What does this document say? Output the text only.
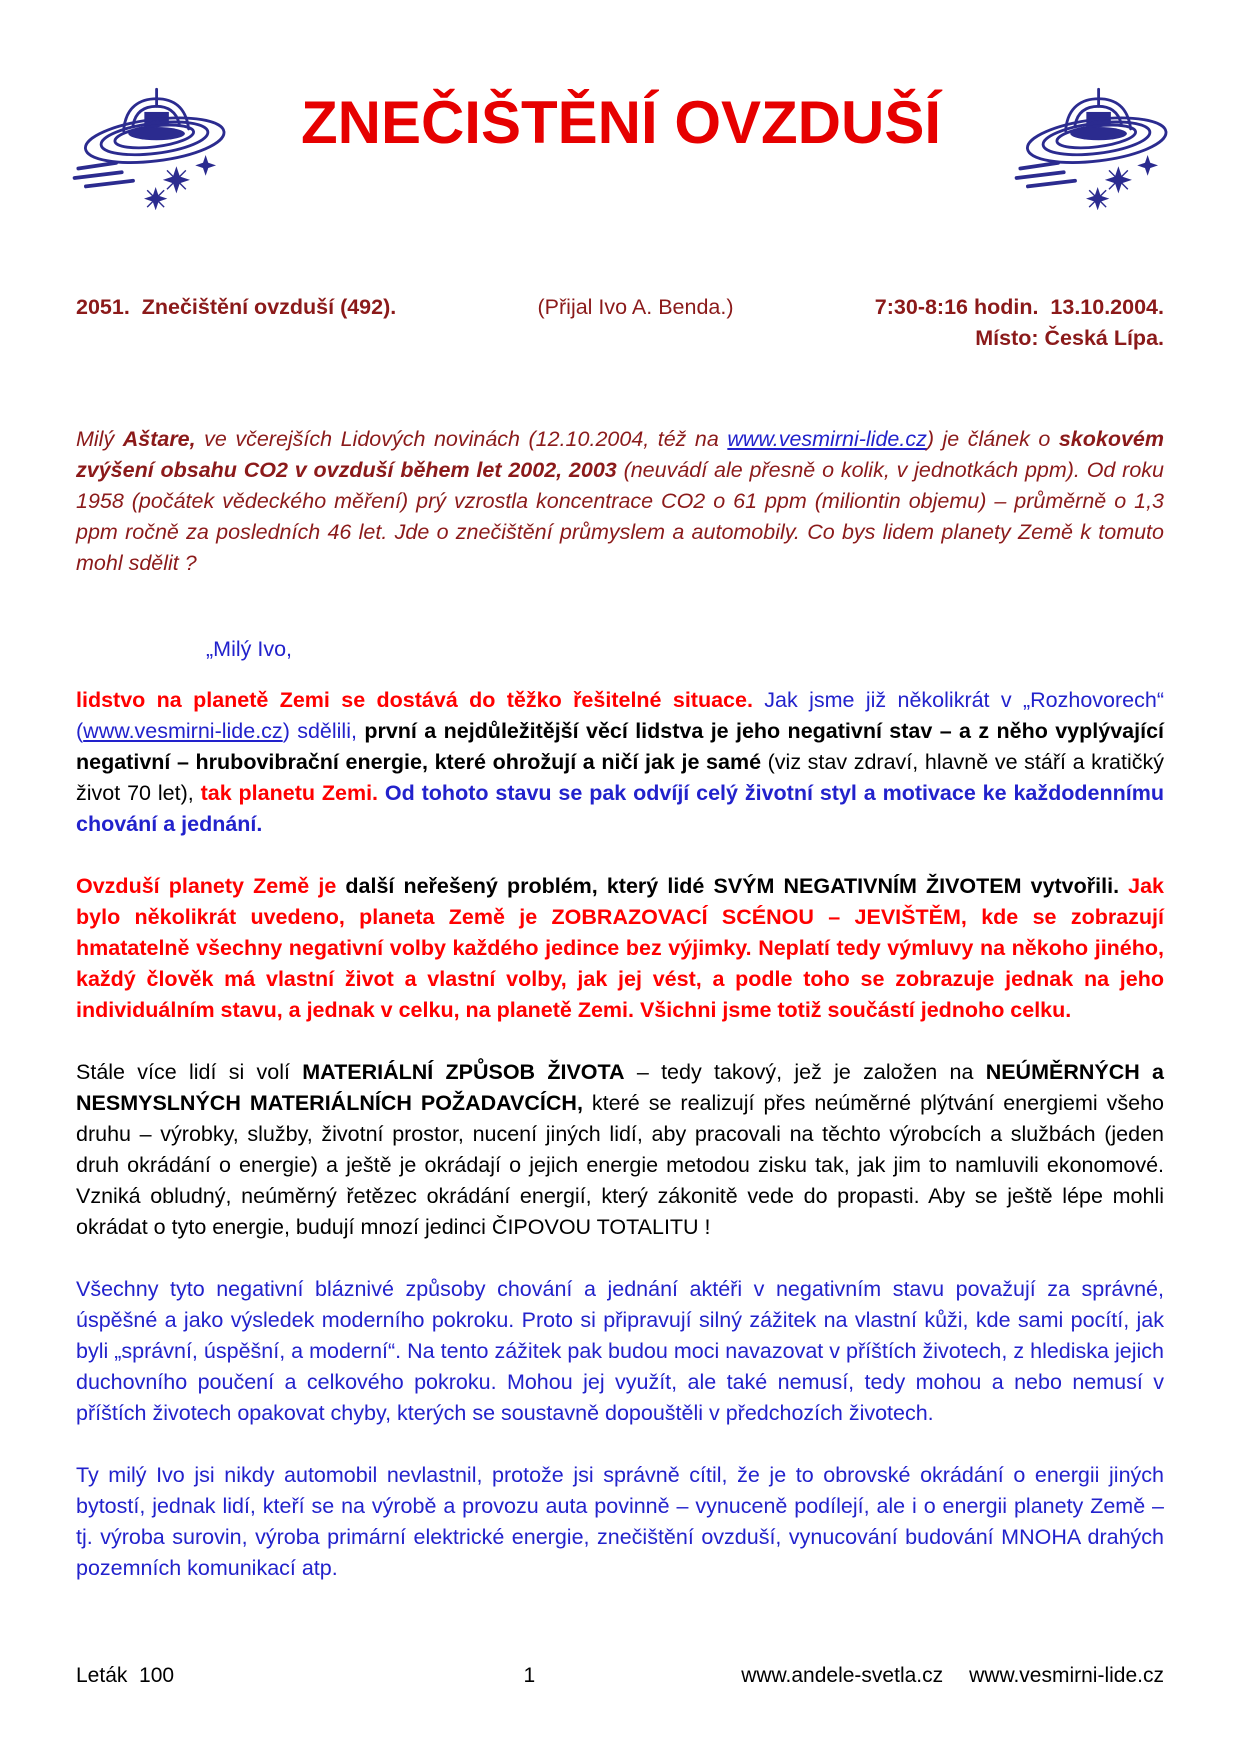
ZNEČIŠTĚNÍ OVZDUŠÍ
2051.  Znečištění ovzduší (492).	(Přijal Ivo A. Benda.)	7:30-8:16 hodin.  13.10.2004.
Místo: Česká Lípa.

Milý Aštare, ve včerejších Lidových novinách (12.10.2004, též na www.vesmirni-lide.cz) je článek o skokovém zvýšení obsahu CO2 v ovzduší během let 2002, 2003 (neuvádí ale přesně o kolik, v jednotkách ppm). Od roku 1958 (počátek vědeckého měření) prý vzrostla koncentrace CO2 o 61 ppm (miliontin objemu) – průměrně o 1,3 ppm ročně za posledních 46 let. Jde o znečištění průmyslem a automobily. Co bys lidem planety Země k tomuto mohl sdělit ?

„Milý Ivo,

lidstvo na planetě Zemi se dostává do těžko řešitelné situace. Jak jsme již několikrát v „Rozhovorech“ (www.vesmirni-lide.cz) sdělili, první a nejdůležitější věcí lidstva je jeho negativní stav – a z něho vyplývající negativní – hrubovibrační energie, které ohrožují a ničí jak je samé (viz stav zdraví, hlavně ve stáří a kratičký život 70 let), tak planetu Zemi. Od tohoto stavu se pak odvíjí celý životní styl a motivace ke každodennímu chování a jednání.

Ovzduší planety Země je další neřešený problém, který lidé SVÝM NEGATIVNÍM ŽIVOTEM vytvořili. Jak bylo několikrát uvedeno, planeta Země je ZOBRAZOVACÍ SCÉNOU – JEVIŠTĚM, kde se zobrazují hmatatelně všechny negativní volby každého jedince bez výjimky. Neplatí tedy výmluvy na někoho jiného, každý člověk má vlastní život a vlastní volby, jak jej vést, a podle toho se zobrazuje jednak na jeho individuálním stavu, a jednak v celku, na planetě Zemi. Všichni jsme totiž součástí jednoho celku.

Stále více lidí si volí MATERIÁLNÍ ZPŮSOB ŽIVOTA – tedy takový, jež je založen na NEÚMĚRNÝCH a NESMYSLNÝCH MATERIÁLNÍCH POŽADAVCÍCH, které se realizují přes neúměrné plýtvání energiemi všeho druhu – výrobky, služby, životní prostor, nucení jiných lidí, aby pracovali na těchto výrobcích a službách (jeden druh okrádání o energie) a ještě je okrádají o jejich energie metodou zisku tak, jak jim to namluvili ekonomové. Vzniká obludný, neúměrný řetězec okrádání energií, který zákonitě vede do propasti. Aby se ještě lépe mohli okrádat o tyto energie, budují mnozí jedinci ČIPOVOU TOTALITU !

Všechny tyto negativní bláznivé způsoby chování a jednání aktéři v negativním stavu považují za správné, úspěšné a jako výsledek moderního pokroku. Proto si připravují silný zážitek na vlastní kůži, kde sami pocítí, jak byli „správní, úspěšní, a moderní“. Na tento zážitek pak budou moci navazovat v příštích životech, z hlediska jejich duchovního poučení a celkového pokroku. Mohou jej využít, ale také nemusí, tedy mohou a nebo nemusí v příštích životech opakovat chyby, kterých se soustavně dopouštěli v předchozích životech.

Ty milý Ivo jsi nikdy automobil nevlastnil, protože jsi správně cítil, že je to obrovské okrádání o energii jiných bytostí, jednak lidí, kteří se na výrobě a provozu auta povinně – vynuceně podílejí, ale i o energii planety Země – tj. výroba surovin, výroba primární elektrické energie, znečištění ovzduší, vynucování budování MNOHA drahých pozemních komunikací atp.

Leták  100	1	www.andele-svetla.cz www.vesmirni-lide.cz
